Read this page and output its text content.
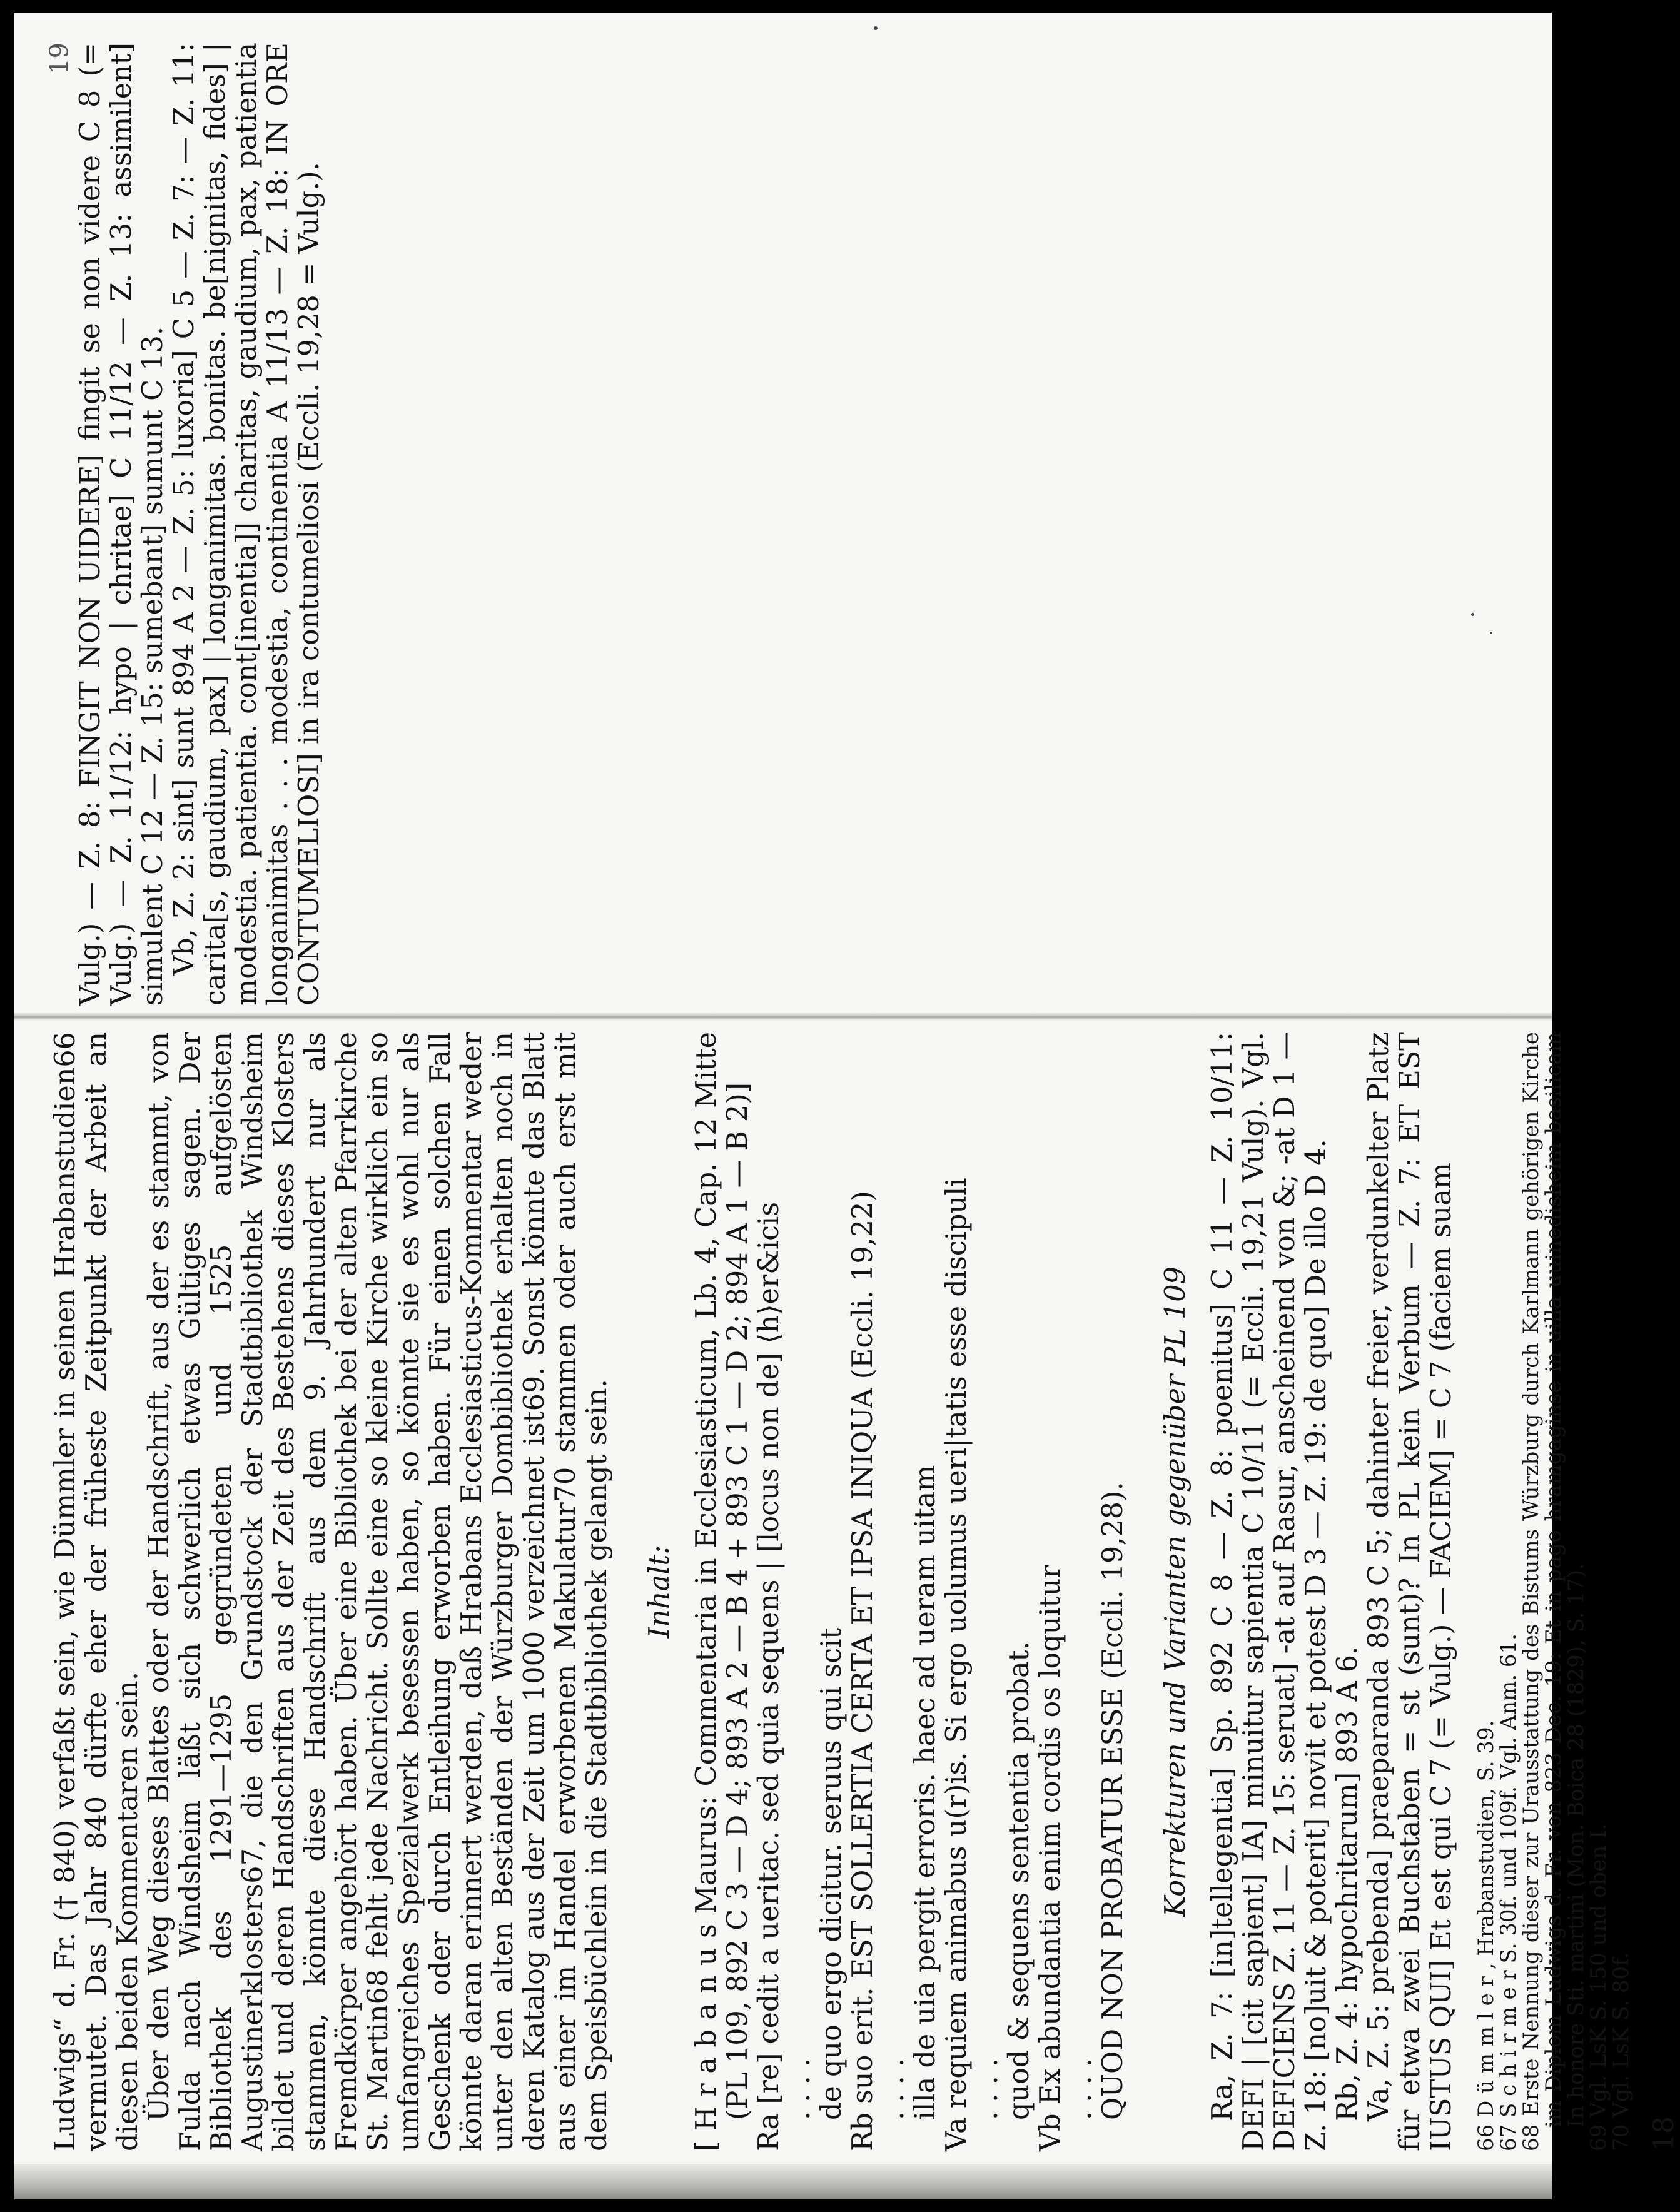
Ludwigs“ d. Fr. († 840) verfaßt sein, wie Dümmler in seinen Hrabanstudien66 vermutet. Das Jahr 840 dürfte eher der früheste Zeitpunkt der Arbeit an diesen beiden Kommentaren sein. Über den Weg dieses Blattes oder der Handschrift, aus der es stammt, von Fulda nach Windsheim läßt sich schwerlich etwas Gültiges sagen. Der Bibliothek des 1291—1295 gegründeten und 1525 aufgelösten Augustinerklosters67, die den Grundstock der Stadtbibliothek Windsheim bildet und deren Handschriften aus der Zeit des Bestehens dieses Klosters stammen, könnte diese Handschrift aus dem 9. Jahrhundert nur als Fremdkörper angehört haben. Über eine Bibliothek bei der alten Pfarrkirche St. Martin68 fehlt jede Nachricht. Sollte eine so kleine Kirche wirklich ein so umfangreiches Spezialwerk besessen haben, so könnte sie es wohl nur als Geschenk oder durch Entleihung erworben haben. Für einen solchen Fall könnte daran erinnert werden, daß Hrabans Ecclesiasticus-Kommentar weder unter den alten Beständen der Würzburger Dombibliothek erhalten noch in deren Katalog aus der Zeit um 1000 verzeichnet ist69. Sonst könnte das Blatt aus einer im Handel erworbenen Makulatur70 stammen oder auch erst mit dem Speisbüchlein in die Stadtbibliothek gelangt sein. Inhalt: [ H r a b a n u s Maurus: Commentaria in Ecclesiasticum, Lb. 4, Cap. 12 Mitte (PL 109, 892 C 3 — D 4; 893 A 2 — B 4 + 893 C 1 — D 2; 894 A 1 — B 2)] Ra [re] cedit a ueritac. sed quia sequens | [locus non de] ⟨h⟩er&icis . . . . de quo ergo dicitur. seruus qui scit Rb suo erit. EST SOLLERTIA CERTA ET IPSA INIQUA (Eccli. 19,22) . . . . illa de uia pergit erroris. haec ad ueram uitam Va requiem animabus u(r)is. Si ergo uolumus ueri|tatis esse discipuli . . . . quod & sequens sententia probat. Vb Ex abundantia enim cordis os loquitur . . . . QUOD NON PROBATUR ESSE (Eccli. 19,28). Korrekturen und Varianten gegenüber PL 109 Ra, Z. 7: [in]tellegentia] Sp. 892 C 8 — Z. 8: poenitus] C 11 — Z. 10/11: DEFI | [cit sapient] IA] minuitur sapientia C 10/11 (= Eccli. 19,21 Vulg). Vgl. DEFICIENS Z. 11 — Z. 15: seruat] -at auf Rasur, anscheinend von &; -at D 1 — Z. 18: [no]uit & poterit] novit et potest D 3 — Z. 19: de quo] De illo D 4. Rb, Z. 4: hypochritarum] 893 A 6. Va, Z. 5: prebenda] praeparanda 893 C 5; dahinter freier, verdunkelter Platz für etwa zwei Buchstaben = st (sunt)? In PL kein Verbum — Z. 7: ET EST IUSTUS QUI] Et est qui C 7 (= Vulg.) — FACIEM] = C 7 (faciem suam 66 D ü m m l e r , Hrabanstudien, S. 39.

67 S c h i r m e r S. 30f. und 109f. Vgl. Anm. 61.

68 Erste Nennung dieser zur Urausstattung des Bistums Würzburg durch Karlmann gehörigen Kirche im Diplom Ludwigs d. Fr. von 823 Dec. 19: Et in pago hramgaginse in uilla uuinedisheim basilicam In honore Sti. martini (Mon. Boica 28 (1829), S. 17).

69 Vgl. LsK S. 150 und oben I.

70 Vgl. LsK S. 80f. 18
19 Vulg.) — Z. 8: FINGIT NON UIDERE] fingit se non videre C 8 (= Vulg.) — Z. 11/12: hypo | chritae] C 11/12 — Z. 13: assimilent] simulent C 12 — Z. 15: sumebant] sumunt C 13. Vb, Z. 2: sint] sunt 894 A 2 — Z. 5: luxoria] C 5 — Z. 7: — Z. 11: carita[s, gaudium, pax] | longanimitas. bonitas. be[nignitas, fides] | modestia. patientia. cont[inentia]] charitas, gaudium, pax, patientia longanimitas . . . modestia, continentia A 11/13 — Z. 18: IN ORE CONTUMELIOSI] in ira contumeliosi (Eccli. 19,28 = Vulg.).
